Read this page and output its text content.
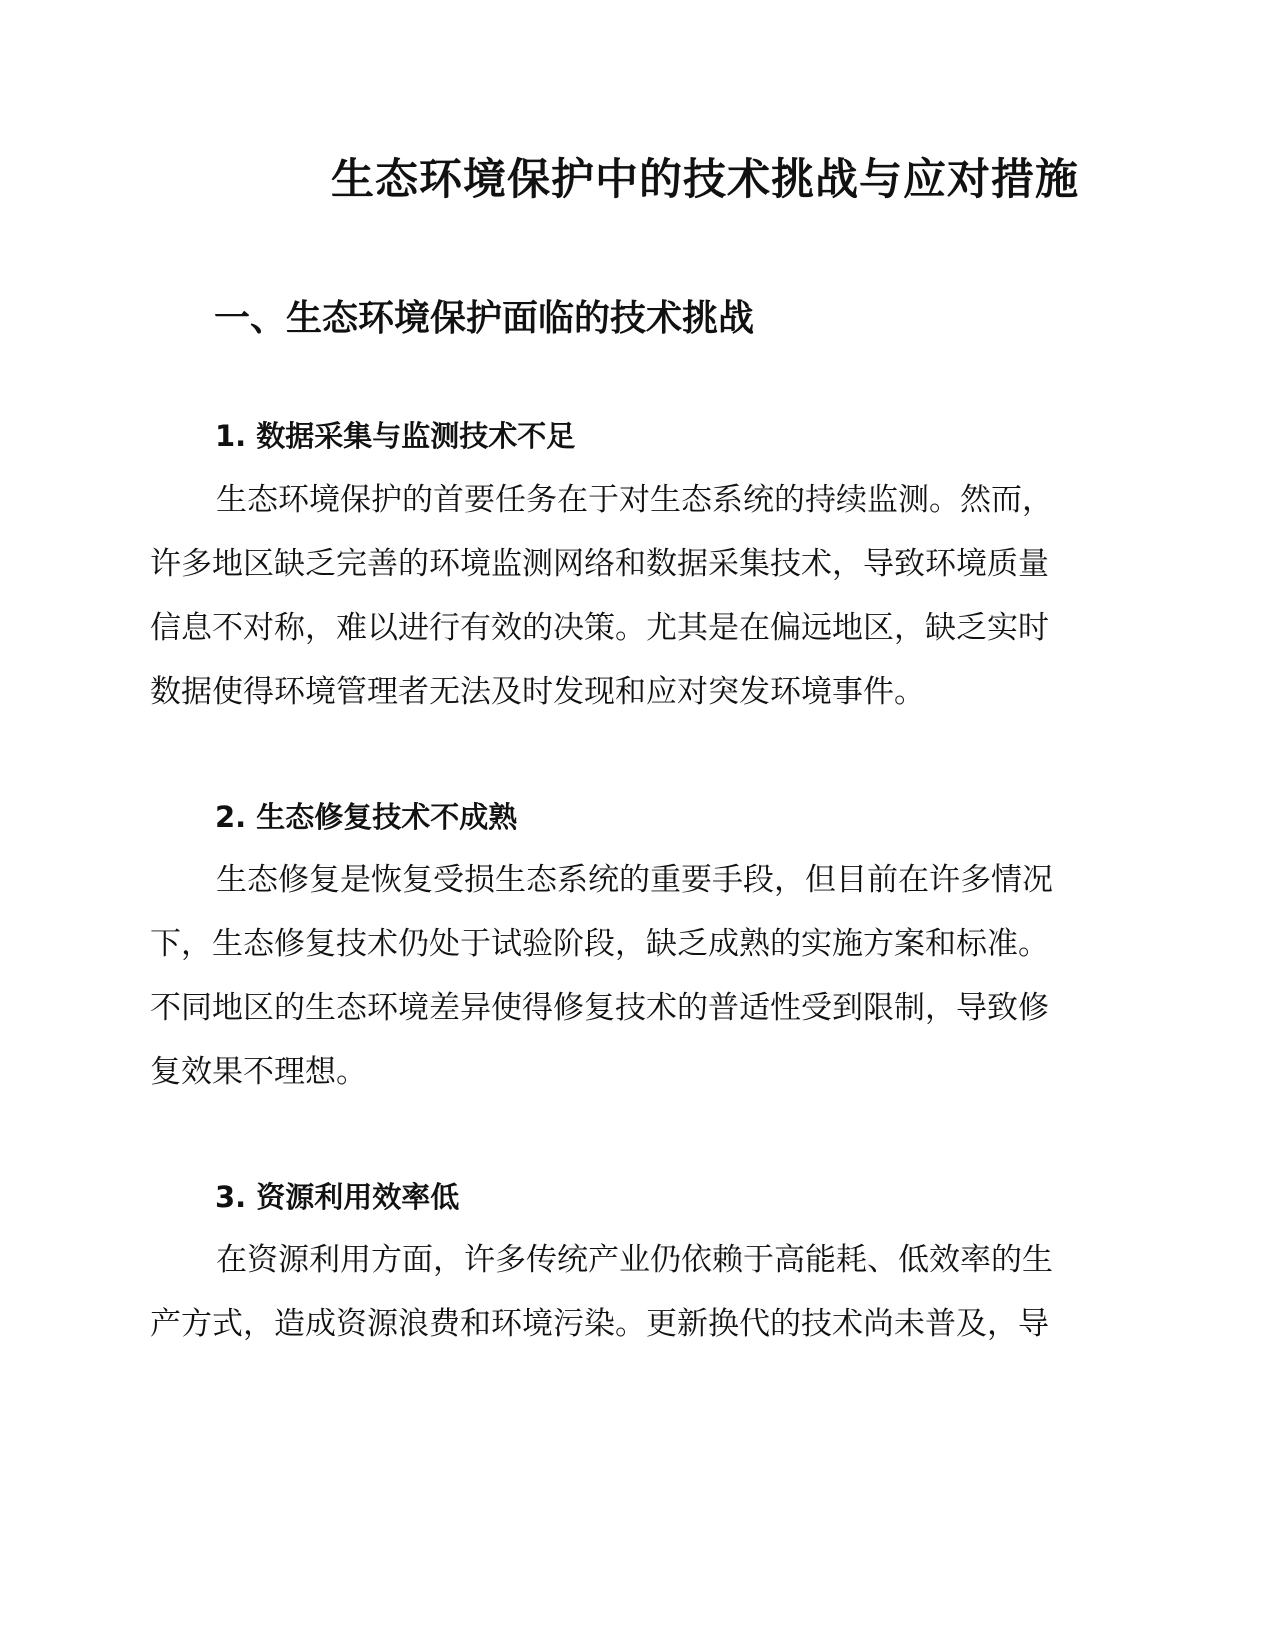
生态环境保护中的技术挑战与应对措施
一、生态环境保护面临的技术挑战
1. 数据采集与监测技术不足
生态环境保护的首要任务在于对生态系统的持续监测。然而，
许多地区缺乏完善的环境监测网络和数据采集技术，导致环境质量
信息不对称，难以进行有效的决策。尤其是在偏远地区，缺乏实时
数据使得环境管理者无法及时发现和应对突发环境事件。
2. 生态修复技术不成熟
生态修复是恢复受损生态系统的重要手段，但目前在许多情况
下，生态修复技术仍处于试验阶段，缺乏成熟的实施方案和标准。
不同地区的生态环境差异使得修复技术的普适性受到限制，导致修
复效果不理想。
3. 资源利用效率低
在资源利用方面，许多传统产业仍依赖于高能耗、低效率的生
产方式，造成资源浪费和环境污染。更新换代的技术尚未普及，导
